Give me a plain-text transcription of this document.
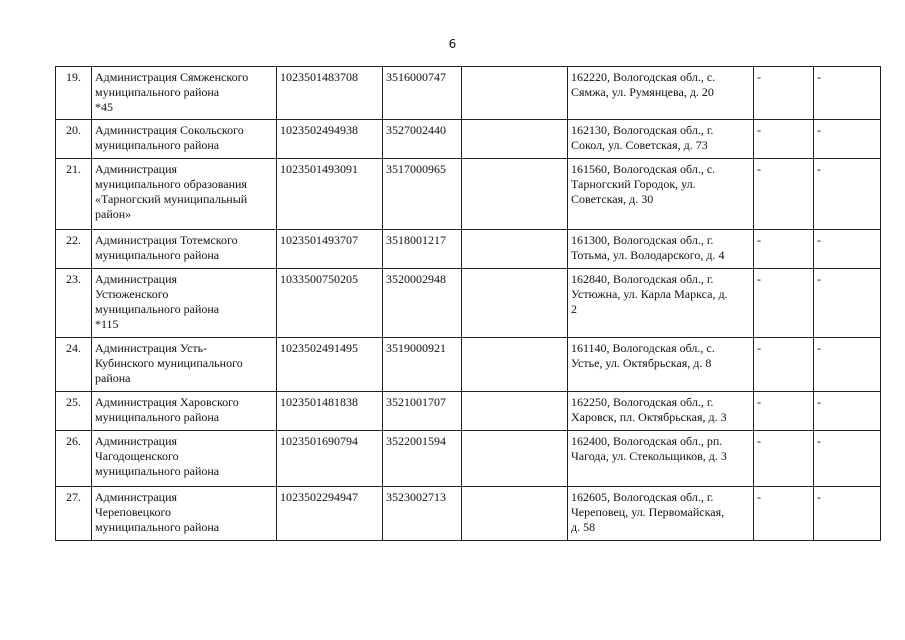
6
19.	Администрация Сямженского
муниципального района
*45	1023501483708	3516000747		162220, Вологодская обл., с.
Сямжа, ул. Румянцева, д. 20	-	-
20.	Администрация Сокольского
муниципального района	1023502494938	3527002440		162130, Вологодская обл., г.
Сокол, ул. Советская, д. 73	-	-
21.	Администрация
муниципального образования
«Тарногский муниципальный
район»	1023501493091	3517000965		161560, Вологодская обл., с.
Тарногский Городок, ул.
Советская, д. 30	-	-
22.	Администрация Тотемского
муниципального района	1023501493707	3518001217		161300, Вологодская обл., г.
Тотьма, ул. Володарского, д. 4	-	-
23.	Администрация
Устюженского
муниципального района
*115	1033500750205	3520002948		162840, Вологодская обл., г.
Устюжна, ул. Карла Маркса, д.
2	-	-
24.	Администрация Усть-
Кубинского муниципального
района	1023502491495	3519000921		161140, Вологодская обл., с.
Устье, ул. Октябрьская, д. 8	-	-
25.	Администрация Харовского
муниципального района	1023501481838	3521001707		162250, Вологодская обл., г.
Харовск, пл. Октябрьская, д. 3	-	-
26.	Администрация
Чагодощенского
муниципального района	1023501690794	3522001594		162400, Вологодская обл., рп.
Чагода, ул. Стекольщиков, д. 3	-	-
27.	Администрация
Череповецкого
муниципального района	1023502294947	3523002713		162605, Вологодская обл., г.
Череповец, ул. Первомайская,
д. 58	-	-
